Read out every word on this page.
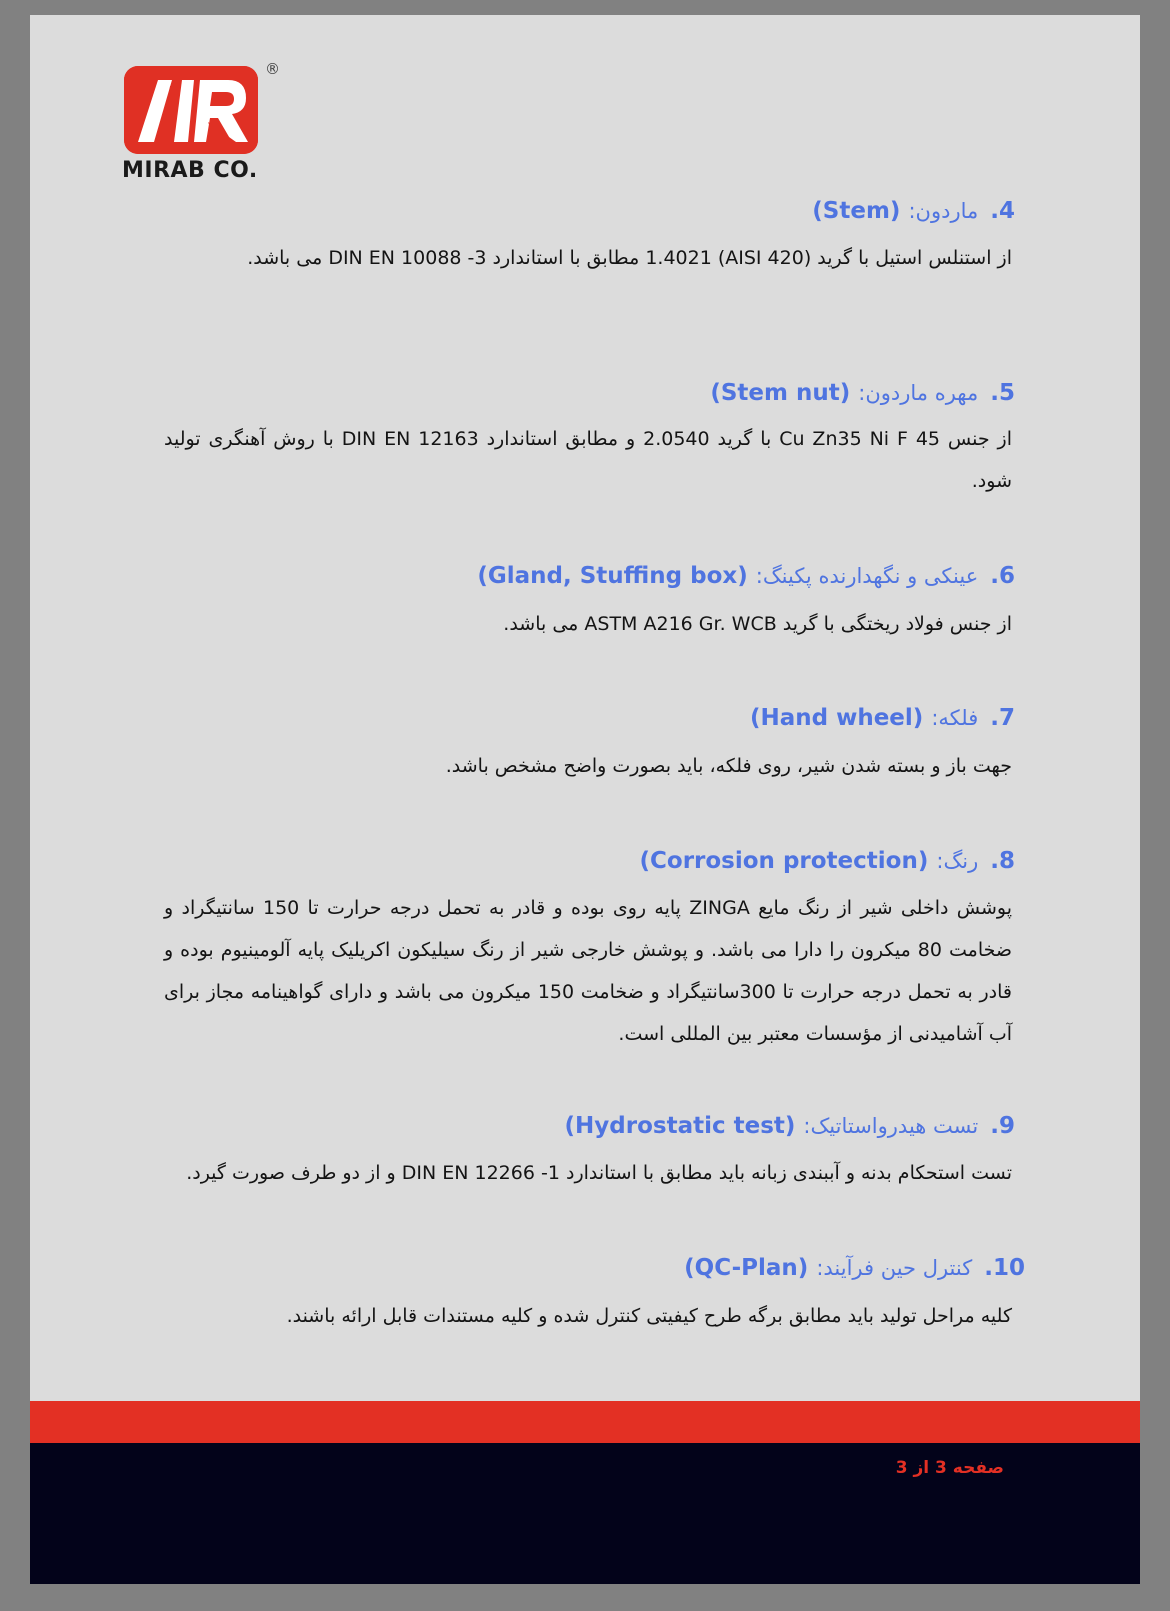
®
MIRAB CO.
4.ماردون: (Stem)

از استنلس استیل با گرید (AISI 420) 1.4021 مطابق با استاندارد DIN EN 10088 -3 می باشد.

5.مهره ماردون: (Stem nut)

از جنس Cu Zn35 Ni F 45 با گرید 2.0540 و مطابق استاندارد DIN EN 12163 با روش آهنگری تولید شود.

6.عینکی و نگهدارنده پکینگ: (Gland, Stuffing box)

از جنس فولاد ریختگی با گرید ASTM A216 Gr. WCB می باشد.

7.فلکه: (Hand wheel)

جهت باز و بسته شدن شیر، روی فلکه، باید بصورت واضح مشخص باشد.

8.رنگ: (Corrosion protection)

پوشش داخلی شیر از رنگ مایع ZINGA پایه روی بوده و قادر به تحمل درجه حرارت تا 150 سانتیگراد و ضخامت 80 میکرون را دارا می باشد. و پوشش خارجی شیر از رنگ سیلیکون اکریلیک پایه آلومینیوم بوده و قادر به تحمل درجه حرارت تا 300سانتیگراد و ضخامت 150 میکرون می باشد و دارای گواهینامه مجاز برای آب آشامیدنی از مؤسسات معتبر بین المللی است.

9.تست هیدرواستاتیک: (Hydrostatic test)

تست استحکام بدنه و آببندی زبانه باید مطابق با استاندارد DIN EN 12266 -1 و از دو طرف صورت گیرد.

10.کنترل حین فرآیند: (QC-Plan)

کلیه مراحل تولید باید مطابق برگه طرح کیفیتی کنترل شده و کلیه مستندات قابل ارائه باشند.

صفحه 3 از 3
